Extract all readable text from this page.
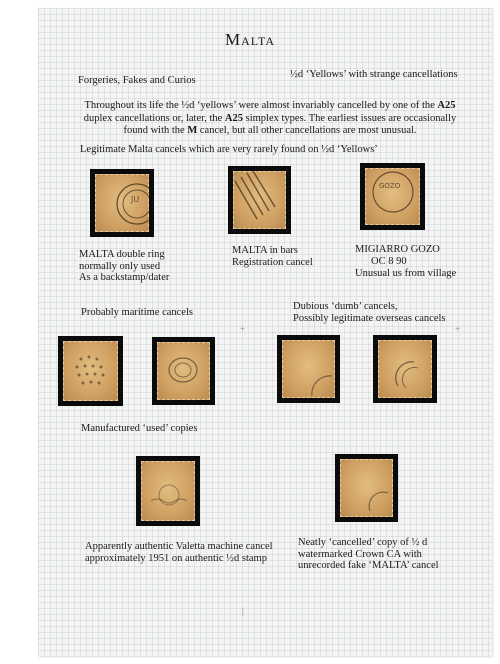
Malta
Forgeries, Fakes and Curios
½d ‘Yellows’ with strange cancellations
Throughout its life the ½d ‘yellows’ were almost invariably cancelled by one of the A25
duplex cancellations or, later, the A25 simplex types. The earliest issues are occasionally
found with the M cancel, but all other cancellations are most unusual.
Legitimate Malta cancels which are very rarely found on ½d ‘Yellows’
JU
GOZO
MALTA double ring
normally only used
As a backstamp/dater
MALTA in bars
Registration cancel
MIGIARRO GOZO
OC 8 90
Unusual us from village
Probably maritime cancels
Dubious ‘dumb’ cancels,
Possibly legitimate overseas cancels
+	+
Manufactured ‘used’ copies
Apparently authentic Valetta machine cancel
approximately 1951 on authentic ½d stamp
Neatly ‘cancelled’ copy of ½ d
watermarked Crown CA with
unrecorded fake ‘MALTA’ cancel
|
